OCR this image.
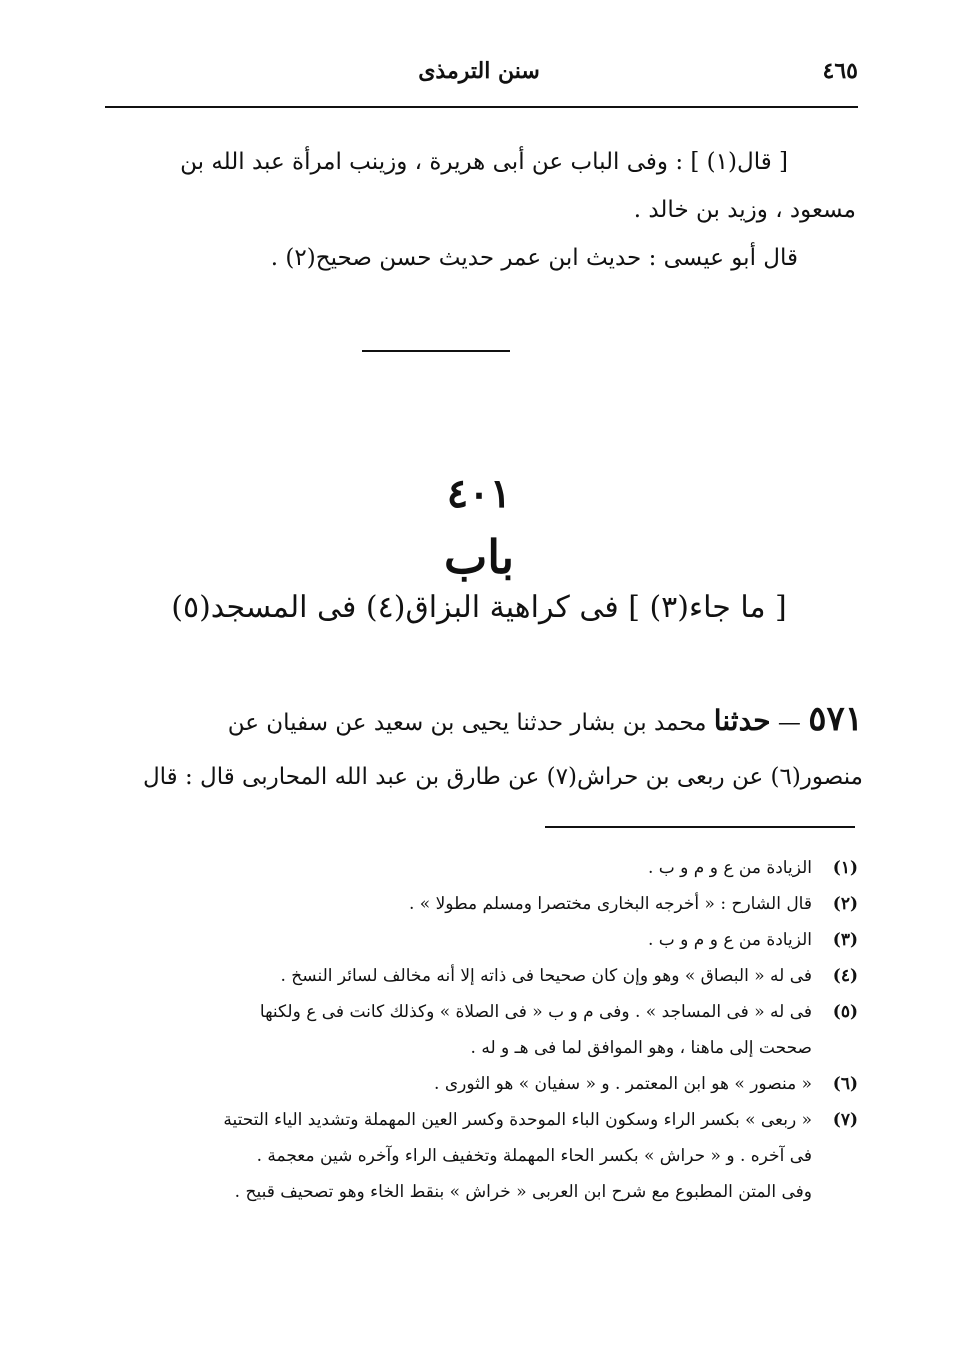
٤٦٥
سنن الترمذى

[ قال(١) ] : وفى الباب عن أبى هريرة ، وزينب امرأة عبد الله بن

مسعود ، وزيد بن خالد .

قال أبو عيسى : حديث ابن عمر حديث حسن صحيح(٢) .

٤٠١
باب
[ ما جاء(٣) ] فى كراهية البزاق(٤) فى المسجد(٥)

٥٧١ — حدثنا محمد بن بشار حدثنا يحيى بن سعيد عن سفيان عن

منصور(٦) عن ربعى بن حراش(٧) عن طارق بن عبد الله المحاربى قال : قال

(١)
الزيادة من ع و م و ب .
(٢)
قال الشارح : « أخرجه البخارى مختصرا ومسلم مطولا » .
(٣)
الزيادة من ع و م و ب .
(٤)
فى له « البصاق » وهو وإن كان صحيحا فى ذاته إلا أنه مخالف لسائر النسخ .
(٥)
فى له « فى المساجد » . وفى م و ب « فى الصلاة » وكذلك كانت فى ع ولكنها
صححت إلى ماهنا ، وهو الموافق لما فى هـ و له .
(٦)
« منصور » هو ابن المعتمر . و « سفيان » هو الثورى .
(٧)
« ربعى » بكسر الراء وسكون الباء الموحدة وكسر العين المهملة وتشديد الياء التحتية
فى آخره . و « حراش » بكسر الحاء المهملة وتخفيف الراء وآخره شين معجمة .
وفى المتن المطبوع مع شرح ابن العربى « خراش » بنقط الخاء وهو تصحيف قبيح .
